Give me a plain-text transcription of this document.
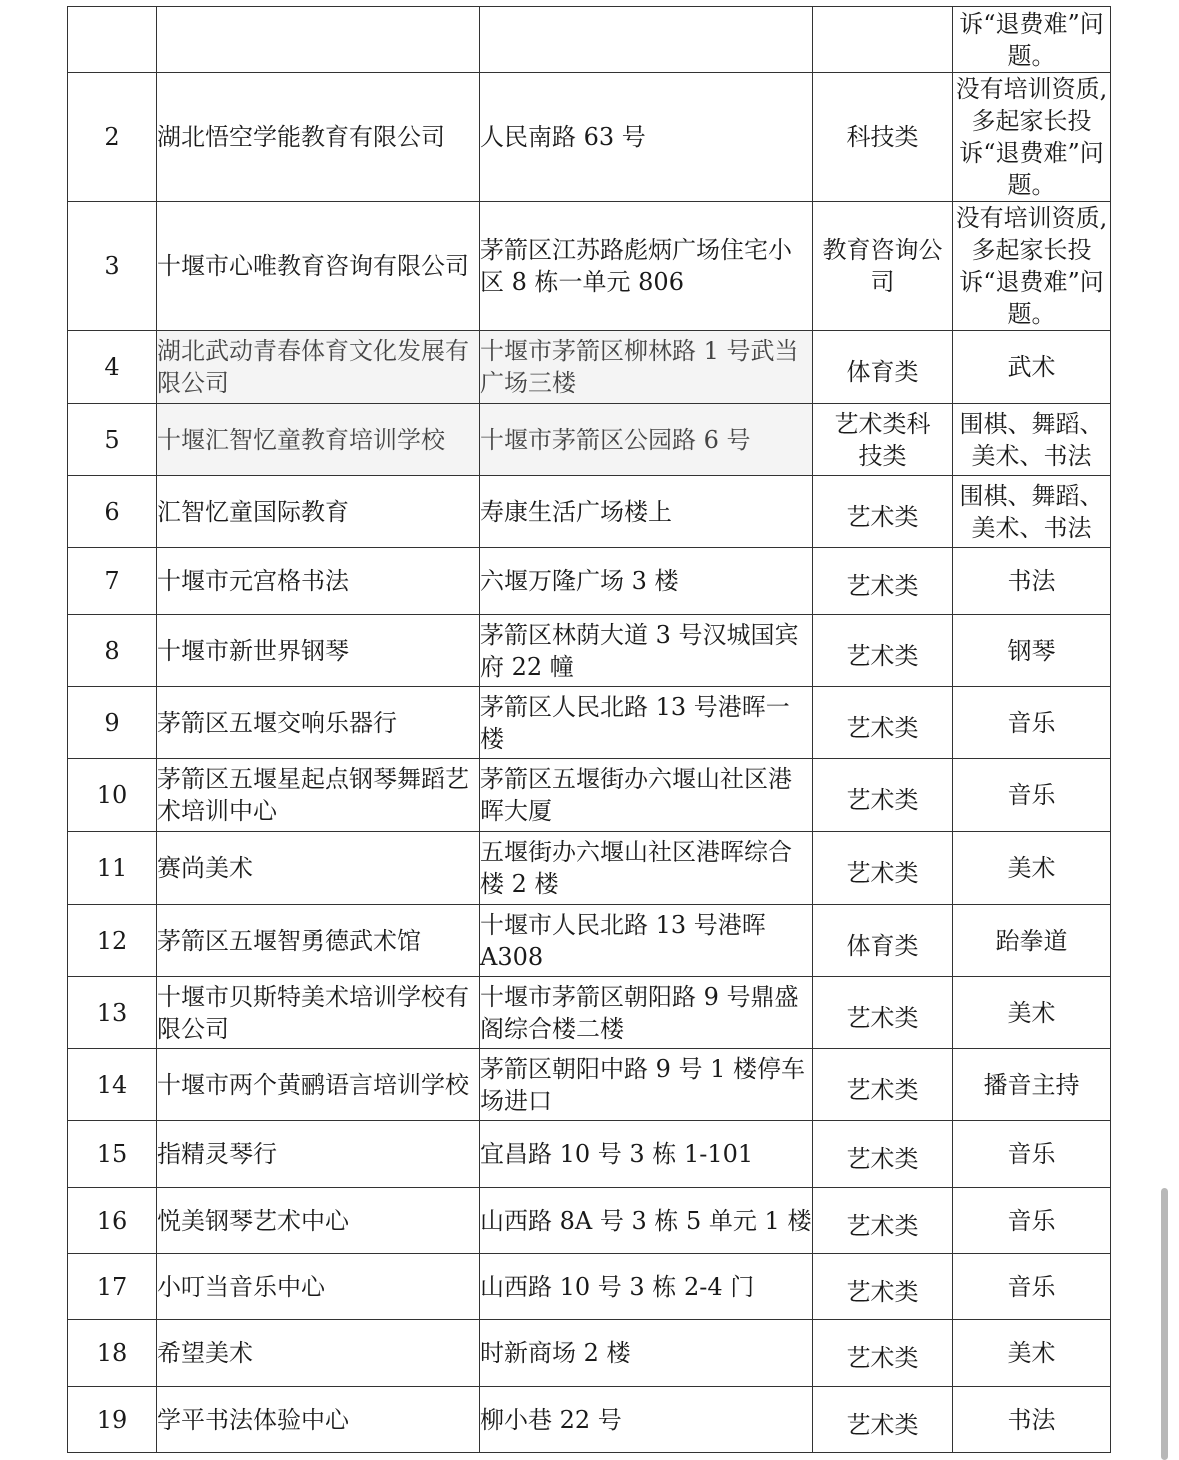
				诉“退费难”问题。

2	湖北悟空学能教育有限公司	人民南路 63 号	科技类	没有培训资质,多起家长投诉“退费难”问题。

3	十堰市心唯教育咨询有限公司	茅箭区江苏路彪炳广场住宅小区 8 栋一单元 806	教育咨询公司	没有培训资质,多起家长投诉“退费难”问题。

4	湖北武动青春体育文化发展有限公司	十堰市茅箭区柳林路 1 号武当广场三楼	体育类	武术
5	十堰汇智忆童教育培训学校	十堰市茅箭区公园路 6 号	艺术类科技类	围棋、舞蹈、美术、书法

6	汇智忆童国际教育	寿康生活广场楼上	艺术类	围棋、舞蹈、美术、书法

7	十堰市元宫格书法	六堰万隆广场 3 楼	艺术类	书法
8	十堰市新世界钢琴	茅箭区林荫大道 3 号汉城国宾府 22 幢	艺术类	钢琴
9	茅箭区五堰交响乐器行	茅箭区人民北路 13 号港晖一楼	艺术类	音乐
10	茅箭区五堰星起点钢琴舞蹈艺术培训中心	茅箭区五堰街办六堰山社区港晖大厦	艺术类	音乐
11	赛尚美术	五堰街办六堰山社区港晖综合楼 2 楼	艺术类	美术
12	茅箭区五堰智勇德武术馆	十堰市人民北路 13 号港晖A308	体育类	跆拳道
13	十堰市贝斯特美术培训学校有限公司	十堰市茅箭区朝阳路 9 号鼎盛阁综合楼二楼	艺术类	美术
14	十堰市两个黄鹂语言培训学校	茅箭区朝阳中路 9 号 1 楼停车场进口	艺术类	播音主持
15	指精灵琴行	宜昌路 10 号 3 栋 1-101	艺术类	音乐
16	悦美钢琴艺术中心	山西路 8A 号 3 栋 5 单元 1 楼	艺术类	音乐
17	小叮当音乐中心	山西路 10 号 3 栋 2-4 门	艺术类	音乐
18	希望美术	时新商场 2 楼	艺术类	美术
19	学平书法体验中心	柳小巷 22 号	艺术类	书法
